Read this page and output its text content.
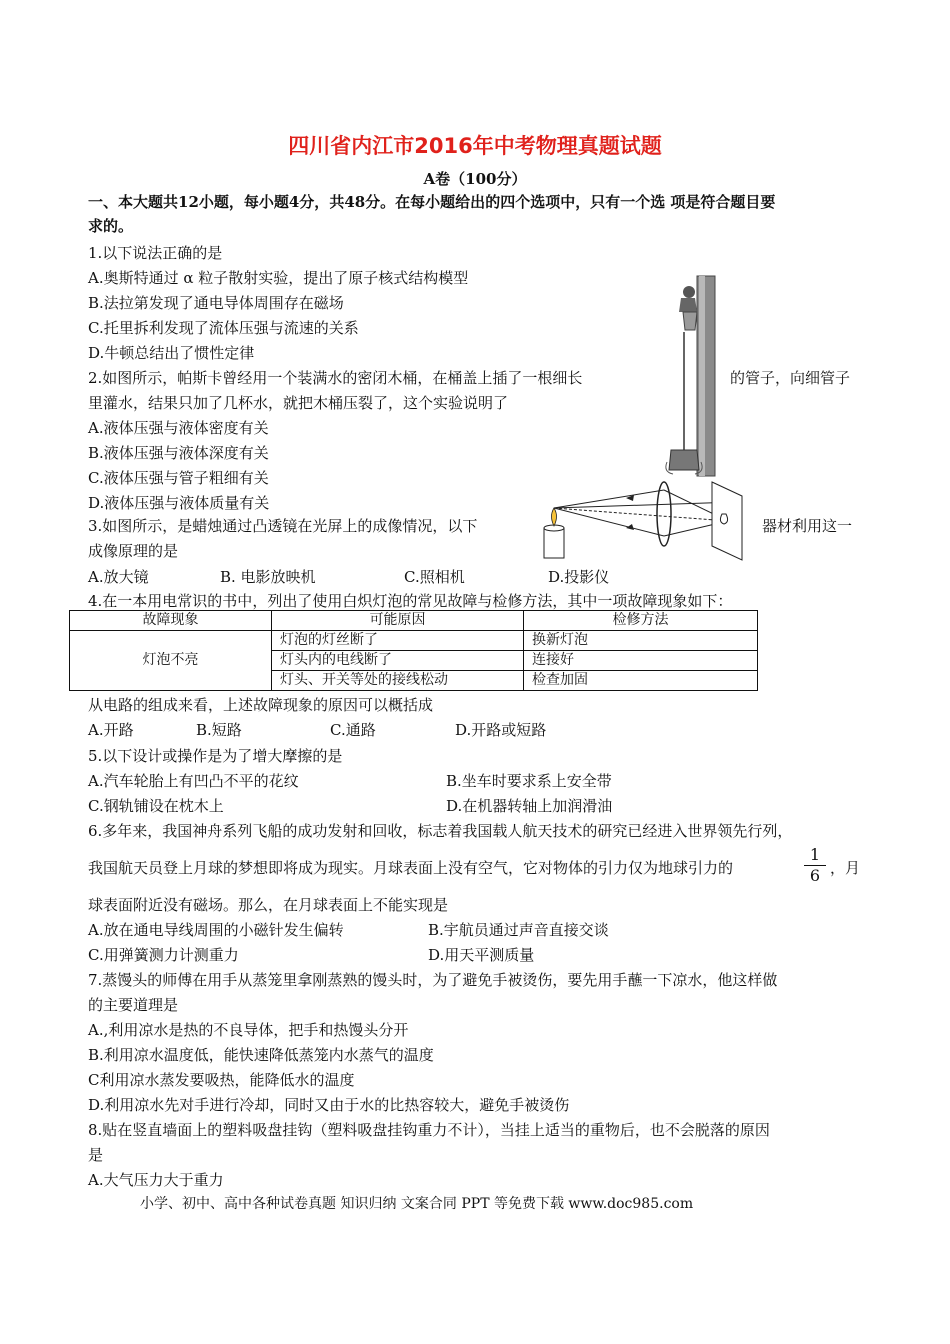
四川省内江市2016年中考物理真题试题
A卷（100分）
一、本大题共12小题，每小题4分，共48分。在每小题给出的四个选项中，只有一个选 项是符合题目要
求的。
1.以下说法正确的是
A.奥斯特通过 α 粒子散射实验，提出了原子核式结构模型
B.法拉第发现了通电导体周围存在磁场
C.托里拆利发现了流体压强与流速的关系
D.牛顿总结出了惯性定律
2.如图所示，帕斯卡曾经用一个装满水的密闭木桶，在桶盖上插了一根细长	的管子，向细管子
里灌水，结果只加了几杯水，就把木桶压裂了，这个实验说明了
A.液体压强与液体密度有关
B.液体压强与液体深度有关
C.液体压强与管子粗细有关
D.液体压强与液体质量有关
3.如图所示，是蜡烛通过凸透镜在光屏上的成像情况，以下	器材利用这一
成像原理的是
A.放大镜	B. 电影放映机	C.照相机	D.投影仪
4.在一本用电常识的书中，列出了使用白炽灯泡的常见故障与检修方法，其中一项故障现象如下：
故障现象	可能原因	检修方法
灯泡不亮	灯泡的灯丝断了	换新灯泡
	灯头内的电线断了	连接好
	灯头、开关等处的接线松动	检查加固
从电路的组成来看，上述故障现象的原因可以概括成
A.开路	B.短路	C.通路	D.开路或短路
5.以下设计或操作是为了增大摩擦的是
A.汽车轮胎上有凹凸不平的花纹	B.坐车时要求系上安全带
C.钢轨铺设在枕木上	D.在机器转轴上加润滑油
6.多年来，我国神舟系列飞船的成功发射和回收，标志着我国载人航天技术的研究已经进入世界领先行列，
我国航天员登上月球的梦想即将成为现实。月球表面上没有空气，它对物体的引力仅为地球引力的
1
6 ，月
球表面附近没有磁场。那么，在月球表面上不能实现是
A.放在通电导线周围的小磁针发生偏转	B.宇航员通过声音直接交谈
C.用弹簧测力计测重力	D.用天平测质量
7.蒸馒头的师傅在用手从蒸笼里拿刚蒸熟的馒头时，为了避免手被烫伤，要先用手蘸一下凉水，他这样做
的主要道理是
A.,利用凉水是热的不良导体，把手和热馒头分开
B.利用凉水温度低，能快速降低蒸笼内水蒸气的温度
C利用凉水蒸发要吸热，能降低水的温度
D.利用凉水先对手进行冷却，同时又由于水的比热容较大，避免手被烫伤
8.贴在竖直墙面上的塑料吸盘挂钩（塑料吸盘挂钩重力不计），当挂上适当的重物后，也不会脱落的原因
是
A.大气压力大于重力
小学、初中、高中各种试卷真题 知识归纳 文案合同 PPT 等免费下载 www.doc985.com
